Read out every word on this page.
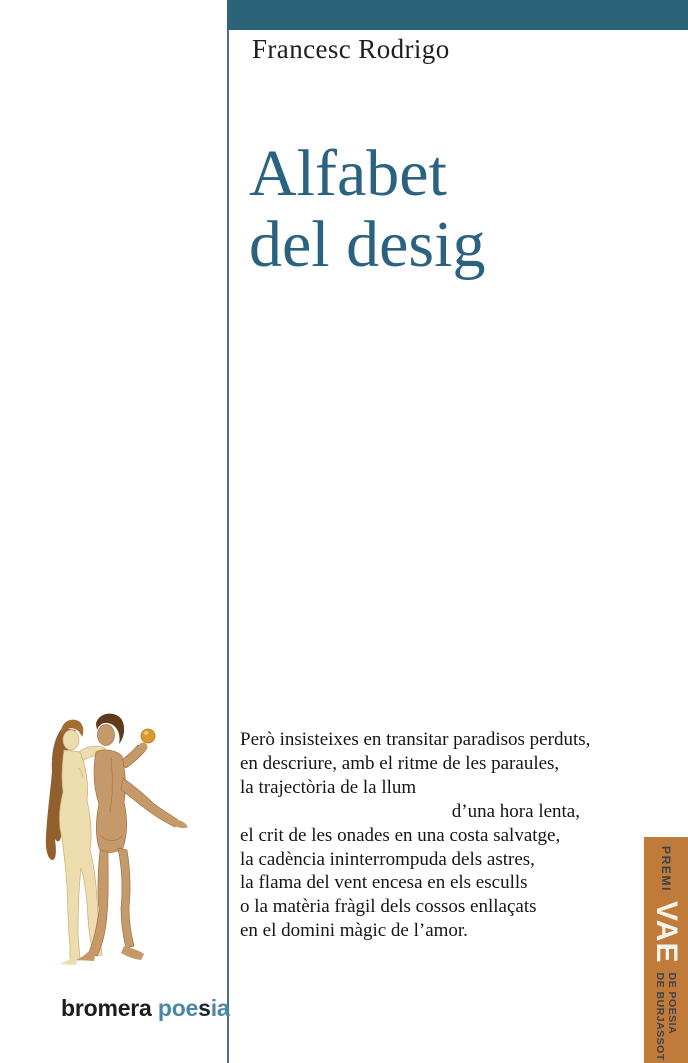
Francesc Rodrigo
Alfabet
del desig
Però insisteixes en transitar paradisos perduts,
en descriure, amb el ritme de les paraules,
la trajectòria de la llum
d’una hora lenta,
el crit de les onades en una costa salvatge,
la cadència ininterrompuda dels astres,
la flama del vent encesa en els esculls
o la matèria fràgil dels cossos enllaçats
en el domini màgic de l’amor.
bromera poesia
PREMI
VAE
DE POESIA
DE BURJASSOT
